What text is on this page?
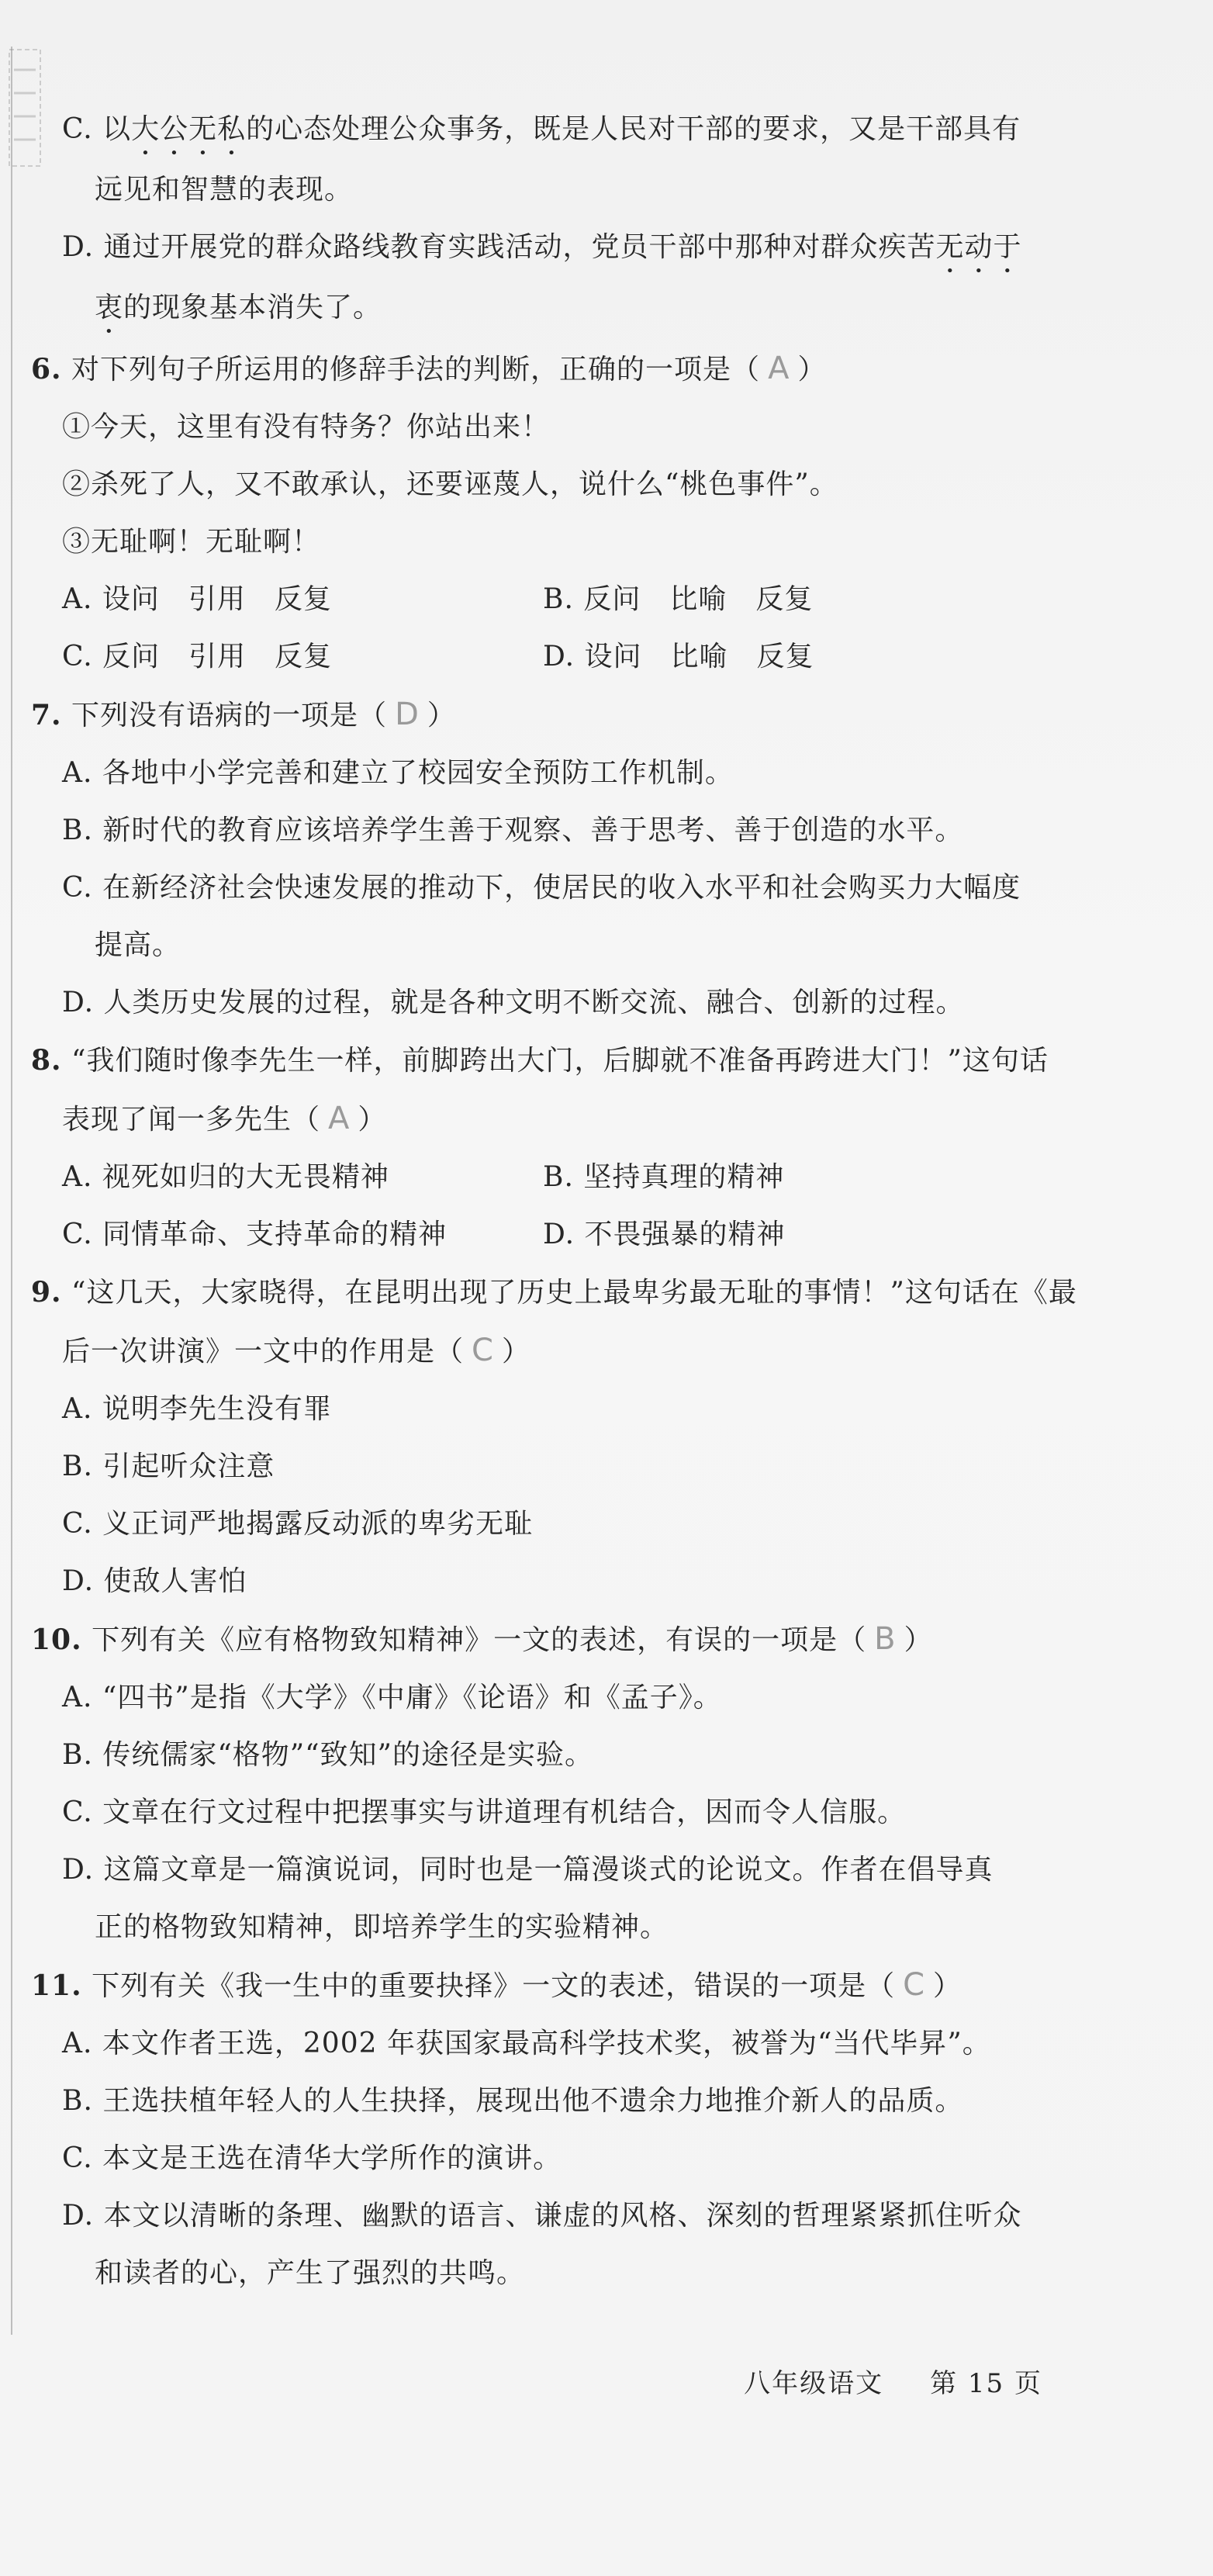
C. 以大公无私的心态处理公众事务，既是人民对干部的要求，又是干部具有
远见和智慧的表现。
D. 通过开展党的群众路线教育实践活动，党员干部中那种对群众疾苦无动于
衷的现象基本消失了。
6. 对下列句子所运用的修辞手法的判断，正确的一项是（ A ）
①今天，这里有没有特务？你站出来！
②杀死了人，又不敢承认，还要诬蔑人，说什么“桃色事件”。
③无耻啊！无耻啊！
A. 设问　引用　反复	B. 反问　比喻　反复
C. 反问　引用　反复	D. 设问　比喻　反复
7. 下列没有语病的一项是（ D ）
A. 各地中小学完善和建立了校园安全预防工作机制。
B. 新时代的教育应该培养学生善于观察、善于思考、善于创造的水平。
C. 在新经济社会快速发展的推动下，使居民的收入水平和社会购买力大幅度
提高。
D. 人类历史发展的过程，就是各种文明不断交流、融合、创新的过程。
8. “我们随时像李先生一样，前脚跨出大门，后脚就不准备再跨进大门！”这句话
表现了闻一多先生（ A ）
A. 视死如归的大无畏精神	B. 坚持真理的精神
C. 同情革命、支持革命的精神	D. 不畏强暴的精神
9. “这几天，大家晓得，在昆明出现了历史上最卑劣最无耻的事情！”这句话在《最
后一次讲演》一文中的作用是（ C ）
A. 说明李先生没有罪
B. 引起听众注意
C. 义正词严地揭露反动派的卑劣无耻
D. 使敌人害怕
10. 下列有关《应有格物致知精神》一文的表述，有误的一项是（ B ）
A. “四书”是指《大学》《中庸》《论语》和《孟子》。
B. 传统儒家“格物”“致知”的途径是实验。
C. 文章在行文过程中把摆事实与讲道理有机结合，因而令人信服。
D. 这篇文章是一篇演说词，同时也是一篇漫谈式的论说文。作者在倡导真
正的格物致知精神，即培养学生的实验精神。
11. 下列有关《我一生中的重要抉择》一文的表述，错误的一项是（ C ）
A. 本文作者王选，2002 年获国家最高科学技术奖，被誉为“当代毕昇”。
B. 王选扶植年轻人的人生抉择，展现出他不遗余力地推介新人的品质。
C. 本文是王选在清华大学所作的演讲。
D. 本文以清晰的条理、幽默的语言、谦虚的风格、深刻的哲理紧紧抓住听众
和读者的心，产生了强烈的共鸣。
八年级语文 第 15 页
